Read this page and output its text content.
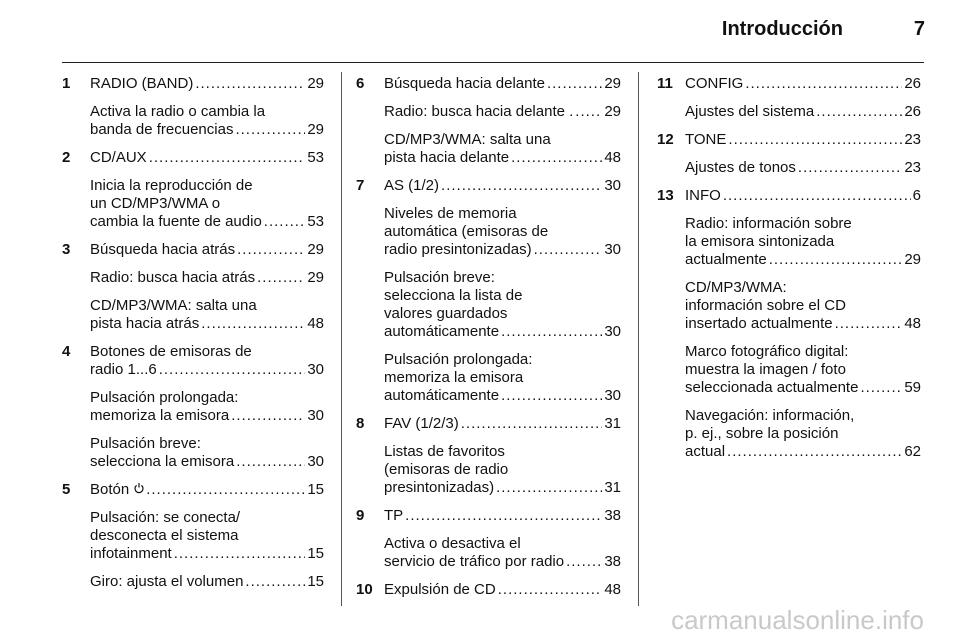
Introducción	7
1 RADIO (BAND) .....	29
Activa la radio o cambia la
banda de frecuencias .....	29
2 CD/AUX .....	53
Inicia la reproducción de
un CD/MP3/WMA o
cambia la fuente de audio .....	53
3 Búsqueda hacia atrás .....	29
Radio: busca hacia atrás .....	29
CD/MP3/WMA: salta una
pista hacia atrás .....	48
4 Botones de emisoras de
radio 1...6 .....	30
Pulsación prolongada:
memoriza la emisora .....	30
Pulsación breve:
selecciona la emisora .....	30
5 Botón .....	15
Pulsación: se conecta/
desconecta el sistema
infotainment .....	15
Giro: ajusta el volumen .....	15
6 Búsqueda hacia delante .....	29
Radio: busca hacia delante . ..... 29
CD/MP3/WMA: salta una
pista hacia delante .....	48
7 AS (1/2) .....	30
Niveles de memoria
automática (emisoras de
radio presintonizadas) .....	30
Pulsación breve:
selecciona la lista de
valores guardados
automáticamente .....	30
Pulsación prolongada:
memoriza la emisora
automáticamente .....	30
8 FAV (1/2/3) .....	31
Listas de favoritos
(emisoras de radio
presintonizadas) .....	31
9 TP .....	38
Activa o desactiva el
servicio de tráfico por radio .....	38
10 Expulsión de CD .....	48
11 CONFIG .....	26
Ajustes del sistema .....	26
12 TONE .....	23
Ajustes de tonos .....	23
13 INFO .....	6
Radio: información sobre
la emisora sintonizada
actualmente .....	29
CD/MP3/WMA:
información sobre el CD
insertado actualmente .....	48
Marco fotográfico digital:
muestra la imagen / foto
seleccionada actualmente .....	59
Navegación: información,
p. ej., sobre la posición
actual .....	62
carmanualsonline.info
